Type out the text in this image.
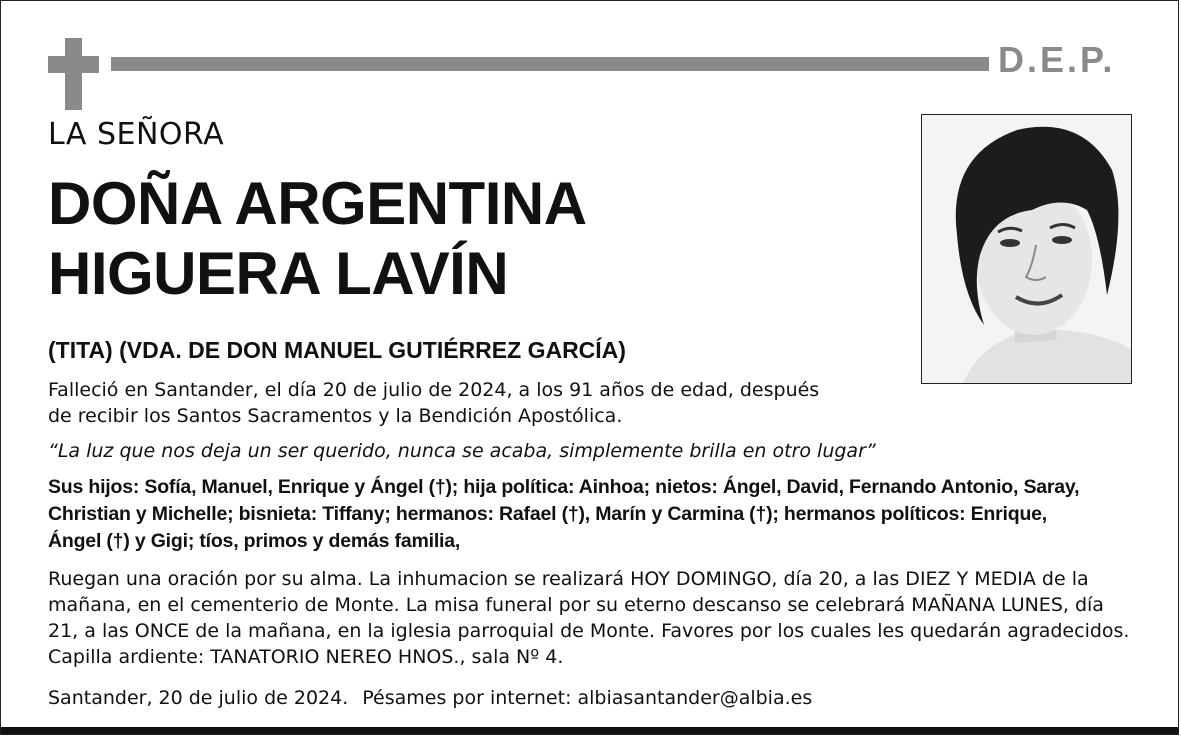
D.E.P.
LA SEÑORA
DOÑA ARGENTINA
HIGUERA LAVÍN
(TITA) (VDA. DE DON MANUEL GUTIÉRREZ GARCÍA)
Falleció en Santander, el día 20 de julio de 2024, a los 91 años de edad, después
de recibir los Santos Sacramentos y la Bendición Apostólica.
“La luz que nos deja un ser querido, nunca se acaba, simplemente brilla en otro lugar”
Sus hijos: Sofía, Manuel, Enrique y Ángel (†); hija política: Ainhoa; nietos: Ángel, David, Fernando Antonio, Saray,
Christian y Michelle; bisnieta: Tiffany; hermanos: Rafael (†), Marín y Carmina (†); hermanos políticos: Enrique,
Ángel (†) y Gigi; tíos, primos y demás familia,
Ruegan una oración por su alma. La inhumacion se realizará HOY DOMINGO, día 20, a las DIEZ Y MEDIA de la
mañana, en el cementerio de Monte. La misa funeral por su eterno descanso se celebrará MAÑANA LUNES, día
21, a las ONCE de la mañana, en la iglesia parroquial de Monte. Favores por los cuales les quedarán agradecidos.
Capilla ardiente: TANATORIO NEREO HNOS., sala Nº 4.
Santander, 20 de julio de 2024. Pésames por internet: albiasantander@albia.es
